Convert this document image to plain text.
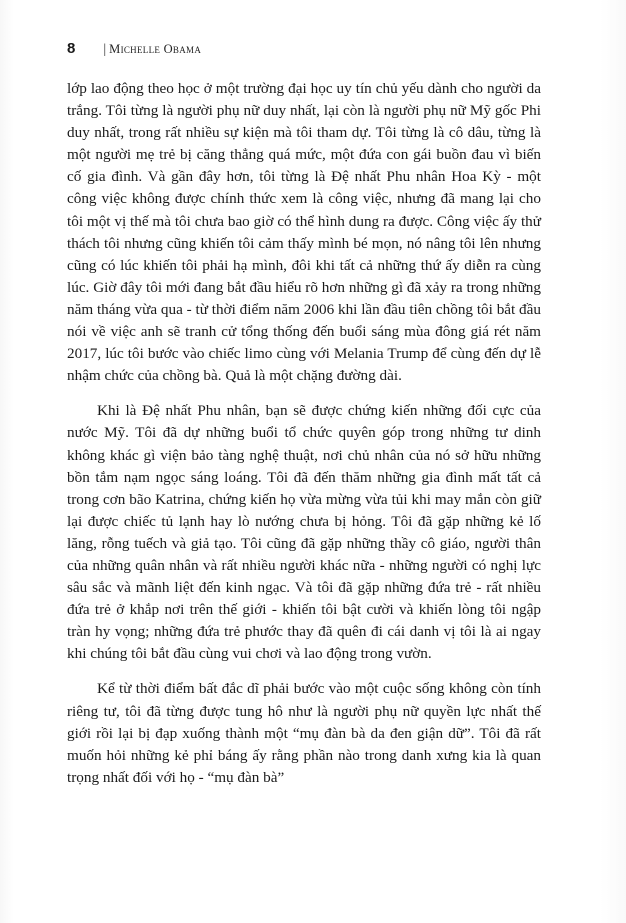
8 | Michelle Obama

lớp lao động theo học ở một trường đại học uy tín chủ yếu dành cho người da trắng. Tôi từng là người phụ nữ duy nhất, lại còn là người phụ nữ Mỹ gốc Phi duy nhất, trong rất nhiều sự kiện mà tôi tham dự. Tôi từng là cô dâu, từng là một người mẹ trẻ bị căng thẳng quá mức, một đứa con gái buồn đau vì biến cố gia đình. Và gần đây hơn, tôi từng là Đệ nhất Phu nhân Hoa Kỳ - một công việc không được chính thức xem là công việc, nhưng đã mang lại cho tôi một vị thế mà tôi chưa bao giờ có thể hình dung ra được. Công việc ấy thử thách tôi nhưng cũng khiến tôi cảm thấy mình bé mọn, nó nâng tôi lên nhưng cũng có lúc khiến tôi phải hạ mình, đôi khi tất cả những thứ ấy diễn ra cùng lúc. Giờ đây tôi mới đang bắt đầu hiểu rõ hơn những gì đã xảy ra trong những năm tháng vừa qua - từ thời điểm năm 2006 khi lần đầu tiên chồng tôi bắt đầu nói về việc anh sẽ tranh cử tổng thống đến buổi sáng mùa đông giá rét năm 2017, lúc tôi bước vào chiếc limo cùng với Melania Trump để cùng đến dự lễ nhậm chức của chồng bà. Quả là một chặng đường dài.

Khi là Đệ nhất Phu nhân, bạn sẽ được chứng kiến những đối cực của nước Mỹ. Tôi đã dự những buổi tổ chức quyên góp trong những tư dinh không khác gì viện bảo tàng nghệ thuật, nơi chủ nhân của nó sở hữu những bồn tắm nạm ngọc sáng loáng. Tôi đã đến thăm những gia đình mất tất cả trong cơn bão Katrina, chứng kiến họ vừa mừng vừa tủi khi may mắn còn giữ lại được chiếc tủ lạnh hay lò nướng chưa bị hỏng. Tôi đã gặp những kẻ lố lăng, rỗng tuếch và giả tạo. Tôi cũng đã gặp những thầy cô giáo, người thân của những quân nhân và rất nhiều người khác nữa - những người có nghị lực sâu sắc và mãnh liệt đến kinh ngạc. Và tôi đã gặp những đứa trẻ - rất nhiều đứa trẻ ở khắp nơi trên thế giới - khiến tôi bật cười và khiến lòng tôi ngập tràn hy vọng; những đứa trẻ phước thay đã quên đi cái danh vị tôi là ai ngay khi chúng tôi bắt đầu cùng vui chơi và lao động trong vườn.

Kể từ thời điểm bất đắc dĩ phải bước vào một cuộc sống không còn tính riêng tư, tôi đã từng được tung hô như là người phụ nữ quyền lực nhất thế giới rồi lại bị đạp xuống thành một “mụ đàn bà da đen giận dữ”. Tôi đã rất muốn hỏi những kẻ phỉ báng ấy rằng phần nào trong danh xưng kia là quan trọng nhất đối với họ - “mụ đàn bà”
